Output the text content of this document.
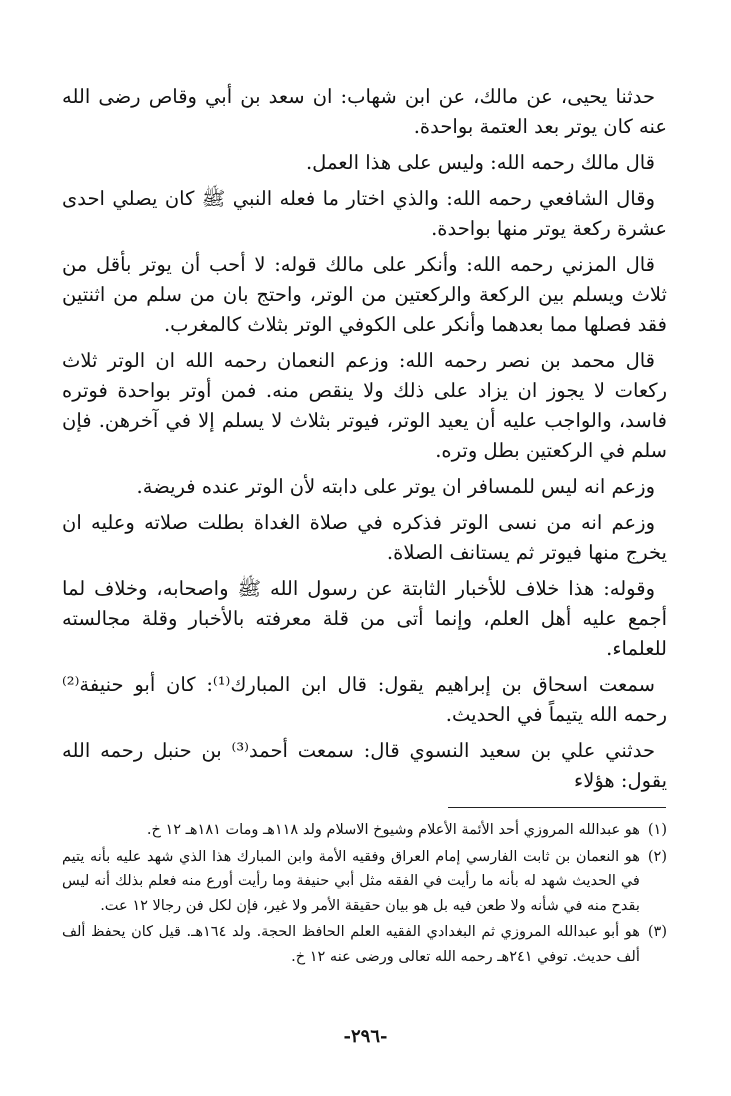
حدثنا يحيى، عن مالك، عن ابن شهاب: ان سعد بن أبي وقاص رضى الله عنه كان يوتر بعد العتمة بواحدة.

قال مالك رحمه الله: وليس على هذا العمل.

وقال الشافعي رحمه الله: والذي اختار ما فعله النبي ﷺ كان يصلي احدى عشرة ركعة يوتر منها بواحدة.

قال المزني رحمه الله: وأنكر على مالك قوله: لا أحب أن يوتر بأقل من ثلاث ويسلم بين الركعة والركعتين من الوتر، واحتج بان من سلم من اثنتين فقد فصلها مما بعدهما وأنكر على الكوفي الوتر بثلاث كالمغرب.

قال محمد بن نصر رحمه الله: وزعم النعمان رحمه الله ان الوتر ثلاث ركعات لا يجوز ان يزاد على ذلك ولا ينقص منه. فمن أوتر بواحدة فوتره فاسد، والواجب عليه أن يعيد الوتر، فيوتر بثلاث لا يسلم إلا في آخرهن. فإن سلم في الركعتين بطل وتره.

وزعم انه ليس للمسافر ان يوتر على دابته لأن الوتر عنده فريضة.

وزعم انه من نسى الوتر فذكره في صلاة الغداة بطلت صلاته وعليه ان يخرج منها فيوتر ثم يستانف الصلاة.

وقوله: هذا خلاف للأخبار الثابتة عن رسول الله ﷺ واصحابه، وخلاف لما أجمع عليه أهل العلم، وإنما أتى من قلة معرفته بالأخبار وقلة مجالسته للعلماء.

سمعت اسحاق بن إبراهيم يقول: قال ابن المبارك⁽¹⁾: كان أبو حنيفة⁽²⁾ رحمه الله يتيماً في الحديث.

حدثني علي بن سعيد النسوي قال: سمعت أحمد⁽³⁾ بن حنبل رحمه الله يقول: هؤلاء

(١)
هو عبدالله المروزي أحد الأئمة الأعلام وشيوخ الاسلام ولد ١١٨هـ ومات ١٨١هـ ١٢ خ.
(٢)
هو النعمان بن ثابت الفارسي إمام العراق وفقيه الأمة وابن المبارك هذا الذي شهد عليه بأنه يتيم في الحديث شهد له بأنه ما رأيت في الفقه مثل أبي حنيفة وما رأيت أورع منه فعلم بذلك أنه ليس بقدح منه في شأنه ولا طعن فيه بل هو بيان حقيقة الأمر ولا غير، فإن لكل فن رجالا ١٢ عت.
(٣)
هو أبو عبدالله المروزي ثم البغدادي الفقيه العلم الحافظ الحجة. ولد ١٦٤هـ. قيل كان يحفظ ألف ألف حديث. توفي ٢٤١هـ رحمه الله تعالى ورضى عنه ١٢ خ.
-٢٩٦-
